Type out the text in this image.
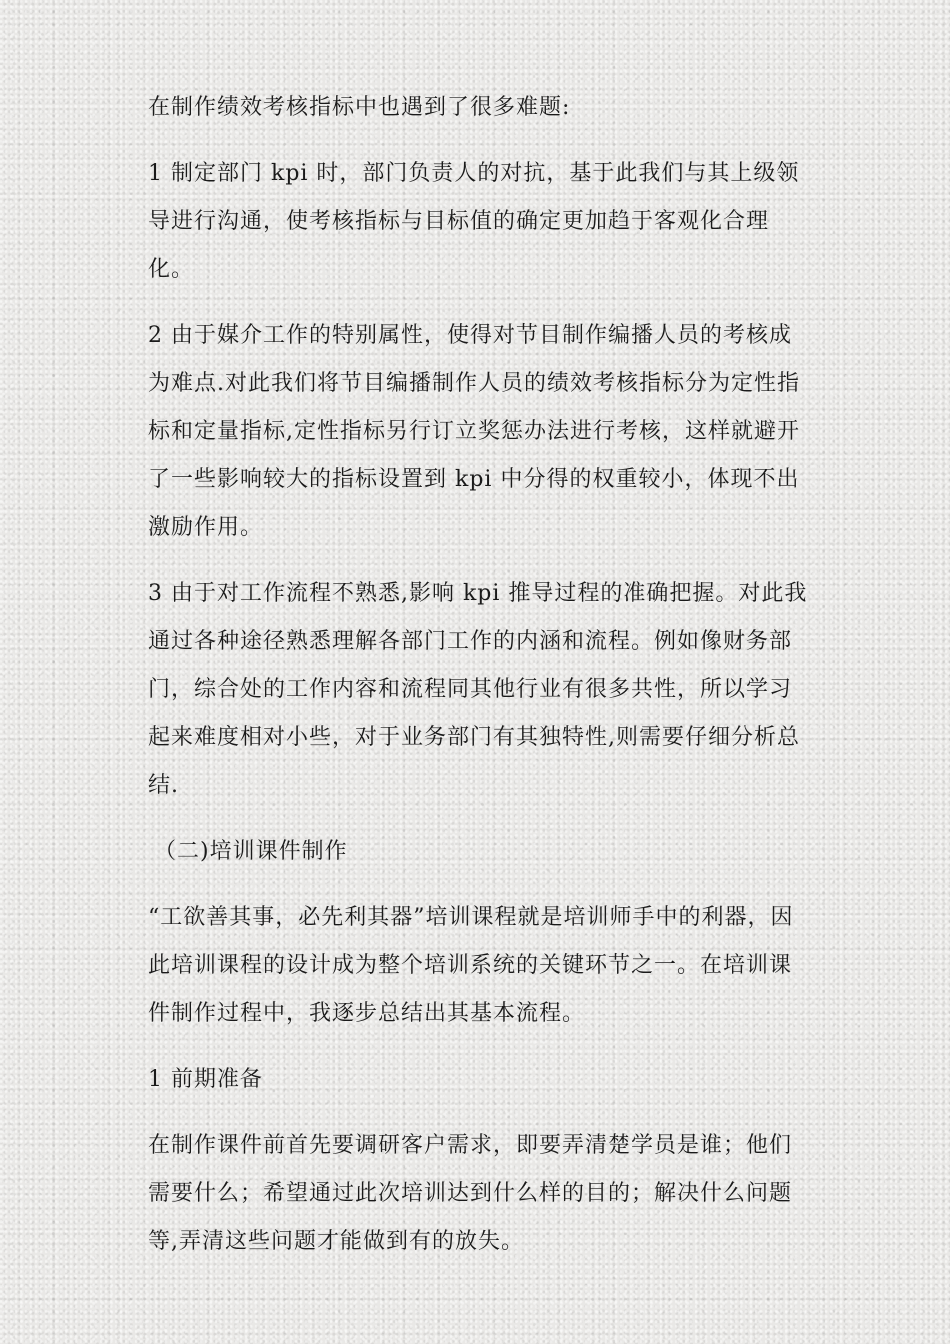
在制作绩效考核指标中也遇到了很多难题:

1 制定部门 kpi 时，部门负责人的对抗，基于此我们与其上级领导进行沟通，使考核指标与目标值的确定更加趋于客观化合理化。

2 由于媒介工作的特别属性，使得对节目制作编播人员的考核成为难点.对此我们将节目编播制作人员的绩效考核指标分为定性指标和定量指标,定性指标另行订立奖惩办法进行考核，这样就避开了一些影响较大的指标设置到 kpi 中分得的权重较小，体现不出激励作用。

3 由于对工作流程不熟悉,影响 kpi 推导过程的准确把握。对此我通过各种途径熟悉理解各部门工作的内涵和流程。例如像财务部门，综合处的工作内容和流程同其他行业有很多共性，所以学习起来难度相对小些，对于业务部门有其独特性,则需要仔细分析总结.

（二)培训课件制作

“工欲善其事，必先利其器”培训课程就是培训师手中的利器，因此培训课程的设计成为整个培训系统的关键环节之一。在培训课件制作过程中，我逐步总结出其基本流程。

1 前期准备

在制作课件前首先要调研客户需求，即要弄清楚学员是谁；他们需要什么；希望通过此次培训达到什么样的目的；解决什么问题等,弄清这些问题才能做到有的放失。
